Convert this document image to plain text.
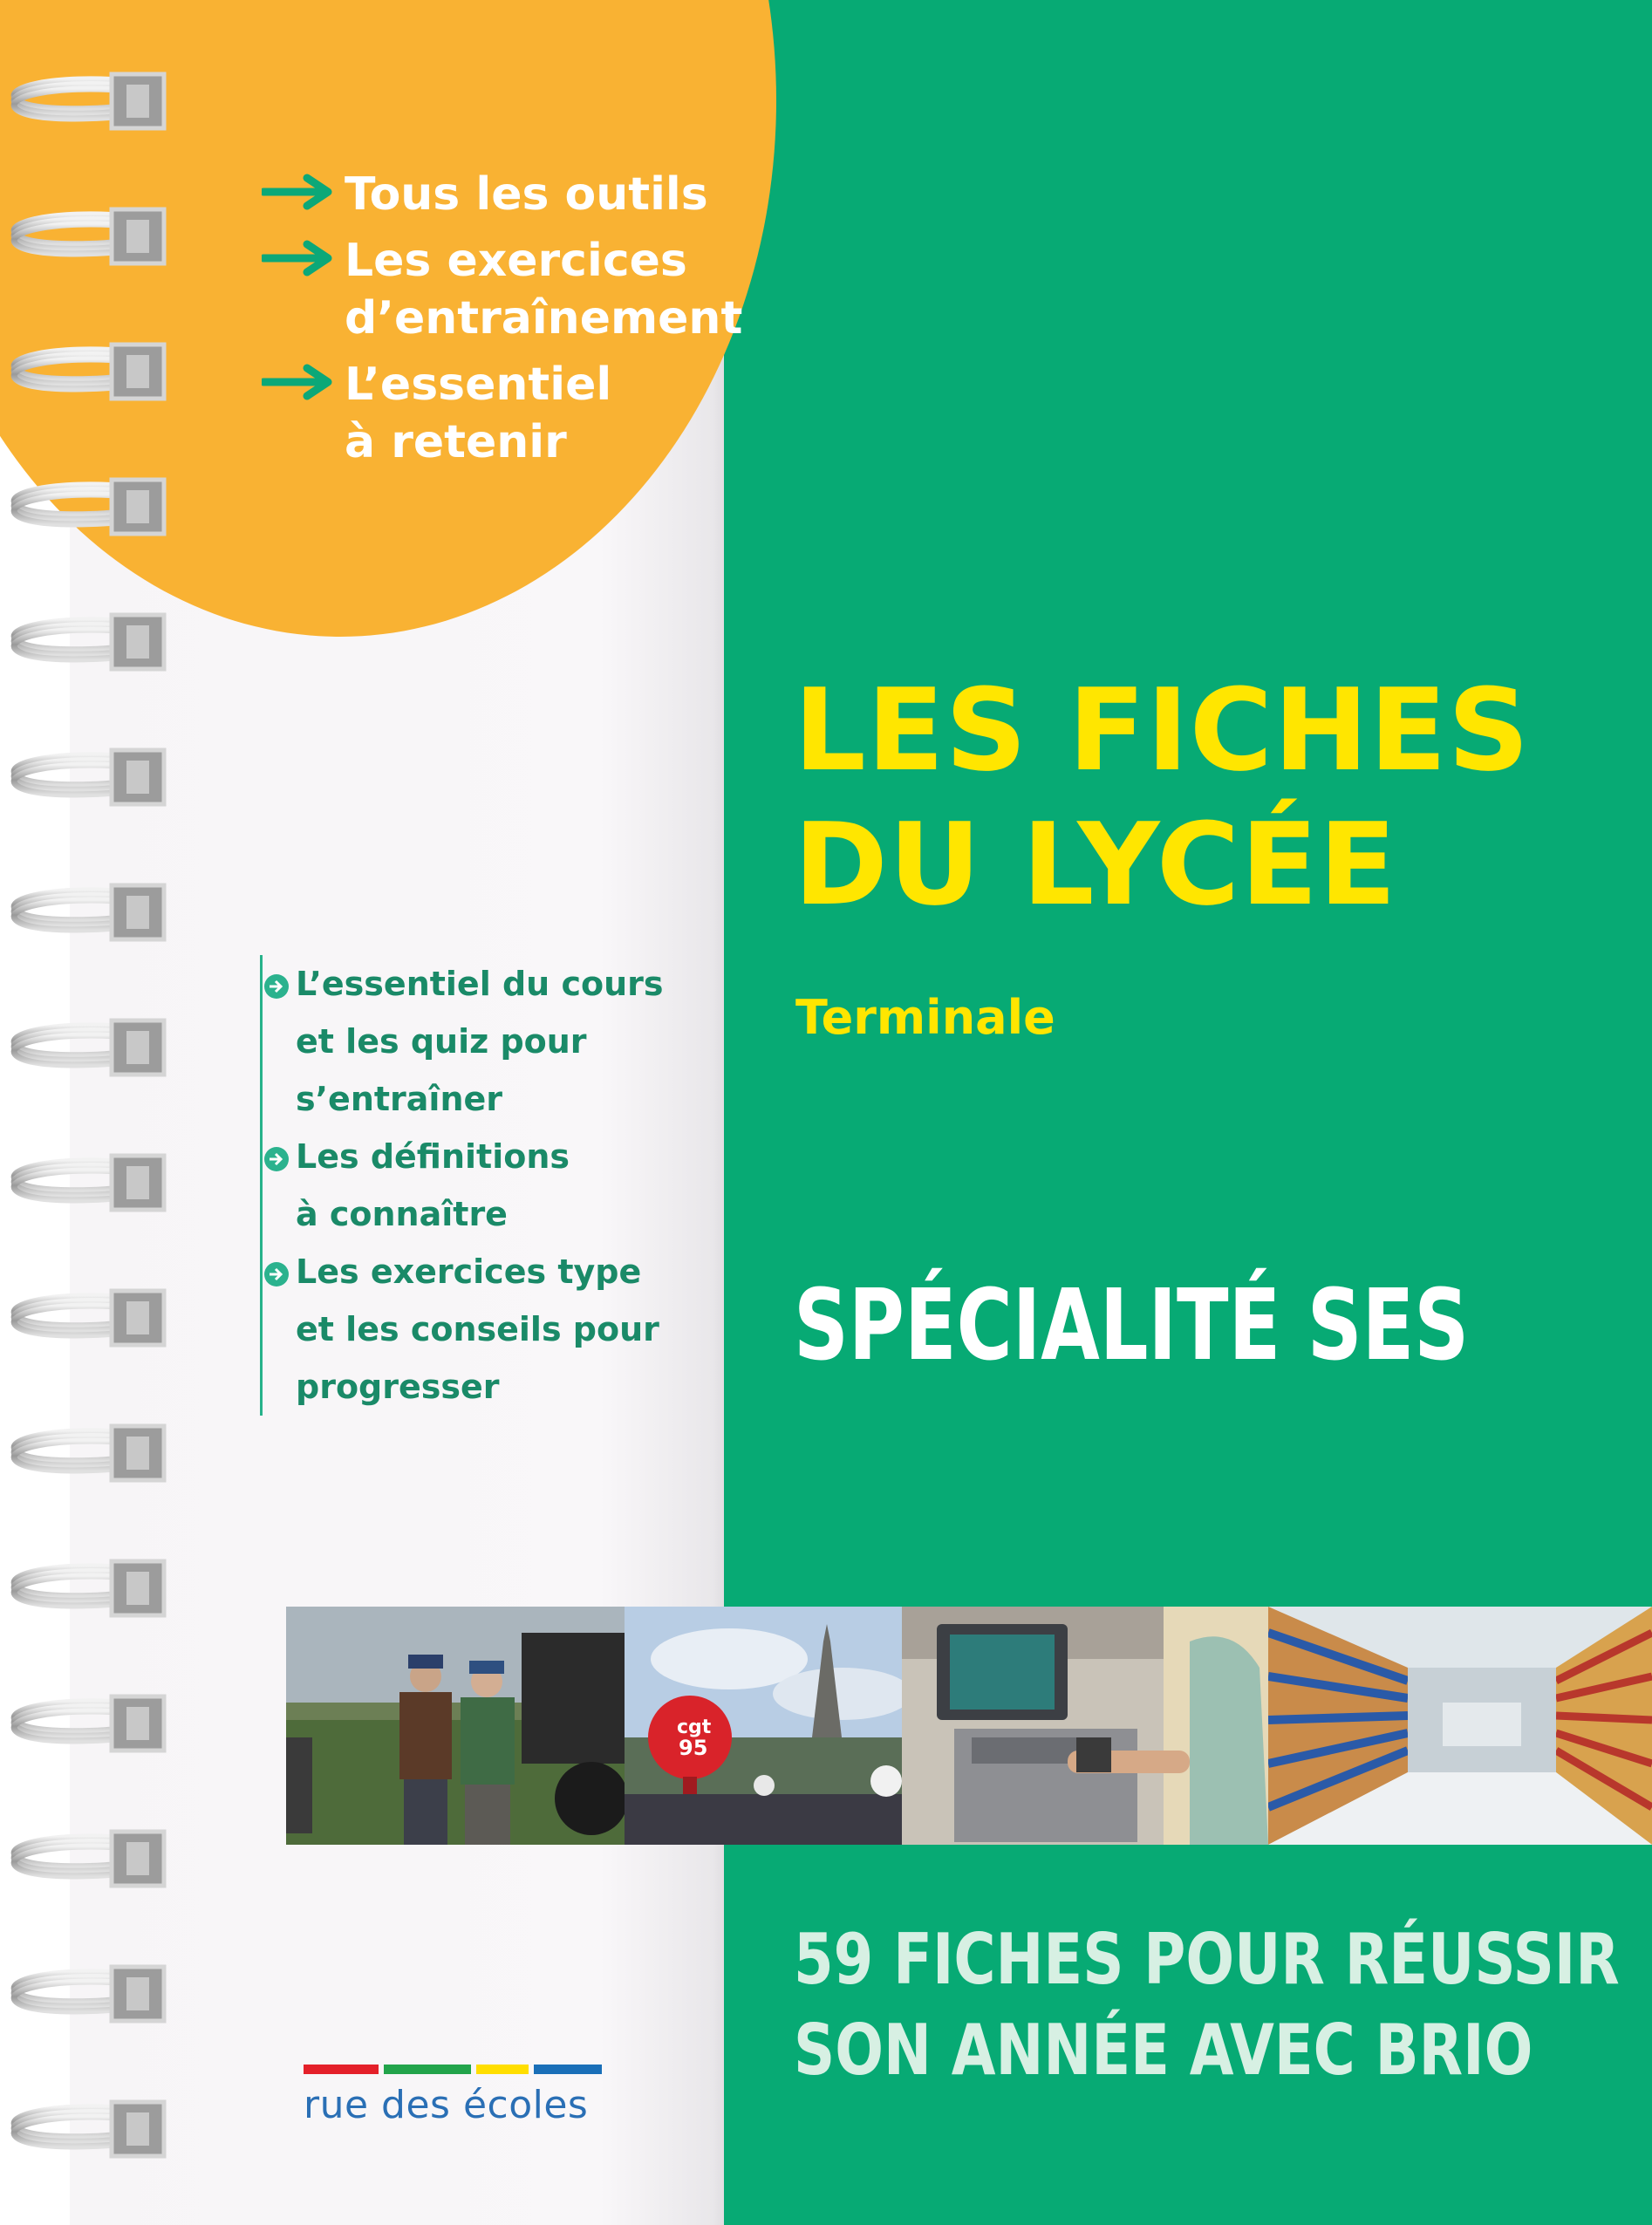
Tous les outils
Les exercices
d’entraînement
L’essentiel
à retenir
L’essentiel du cours
et les quiz pour
s’entraîner
Les définitions
à connaître
Les exercices type
et les conseils pour
progresser
LES FICHES
DU LYCÉE
Terminale
SPÉCIALITÉ SES
cgt
95
59 FICHES POUR RÉUSSIR
SON ANNÉE AVEC BRIO
rue des écoles
